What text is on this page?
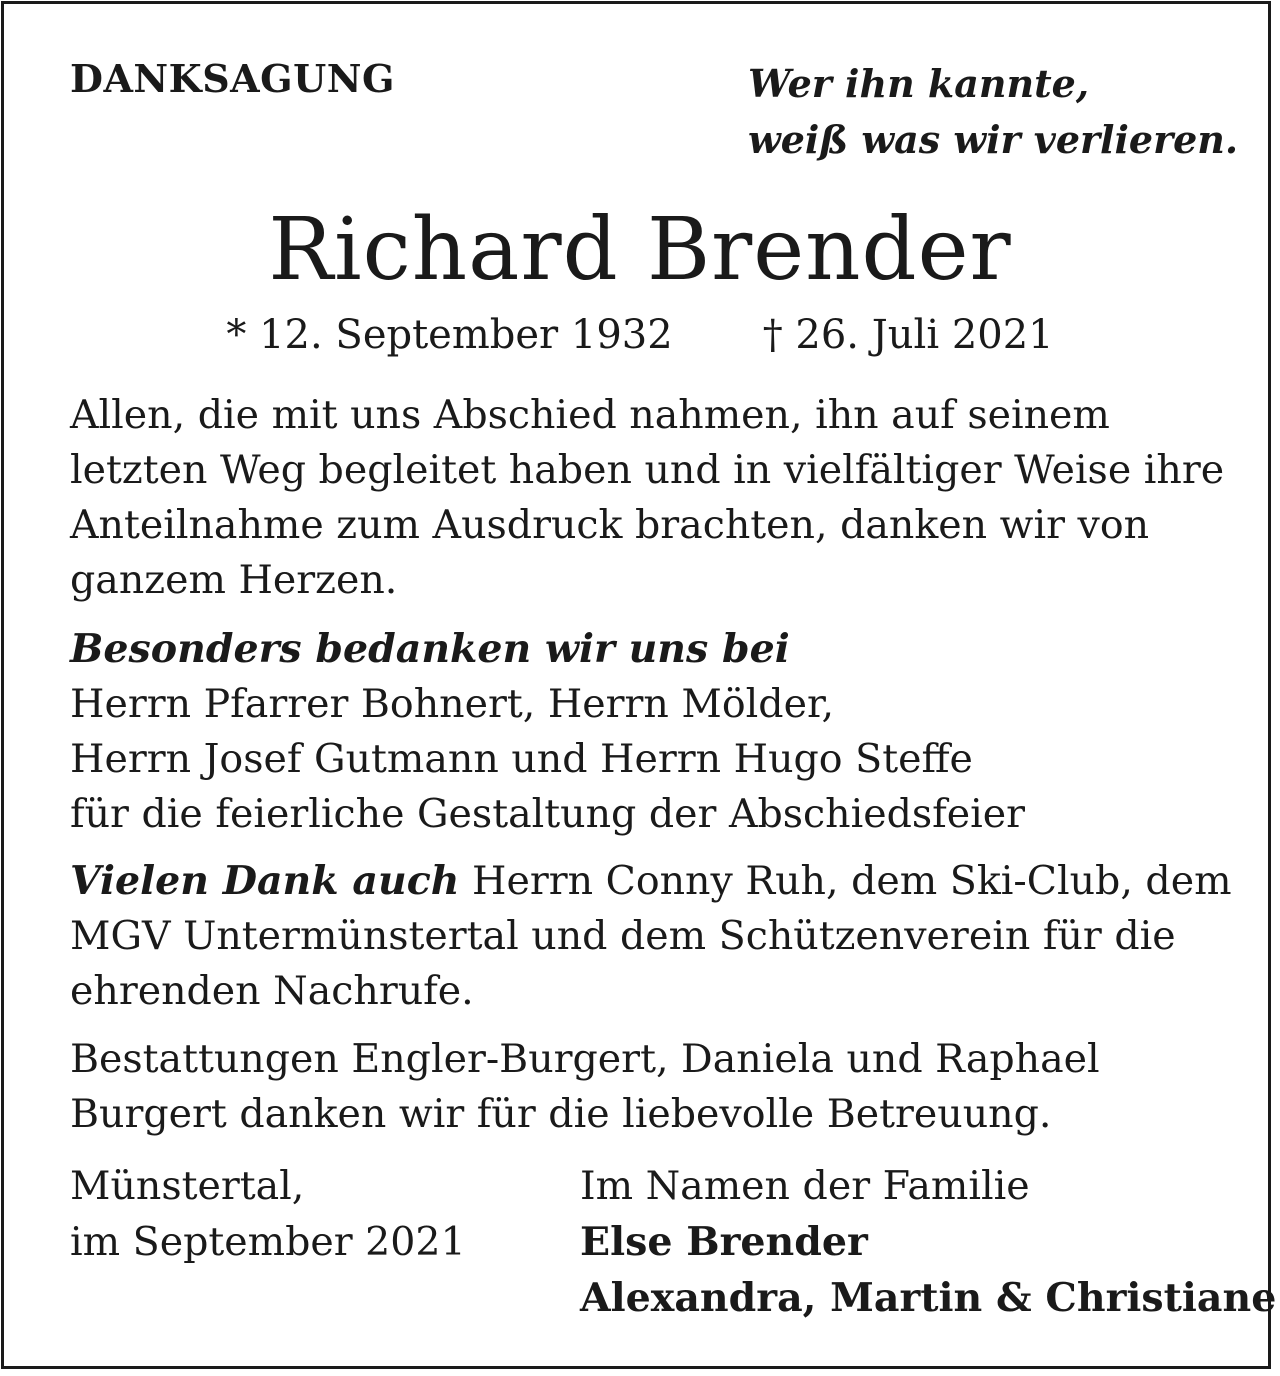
DANKSAGUNG	Wer ihn kannte,
weiß was wir verlieren.
Richard Brender
* 12. September 1932 † 26. Juli 2021
Allen, die mit uns Abschied nahmen, ihn auf seinem
letzten Weg begleitet haben und in vielfältiger Weise ihre
Anteilnahme zum Ausdruck brachten, danken wir von
ganzem Herzen.
Besonders bedanken wir uns bei
Herrn Pfarrer Bohnert, Herrn Mölder,
Herrn Josef Gutmann und Herrn Hugo Steffe
für die feierliche Gestaltung der Abschiedsfeier
Vielen Dank auch Herrn Conny Ruh, dem Ski-Club, dem
MGV Untermünstertal und dem Schützenverein für die
ehrenden Nachrufe.
Bestattungen Engler-Burgert, Daniela und Raphael
Burgert danken wir für die liebevolle Betreuung.
Münstertal,
im September 2021
Im Namen der Familie
Else Brender
Alexandra, Martin & Christiane
